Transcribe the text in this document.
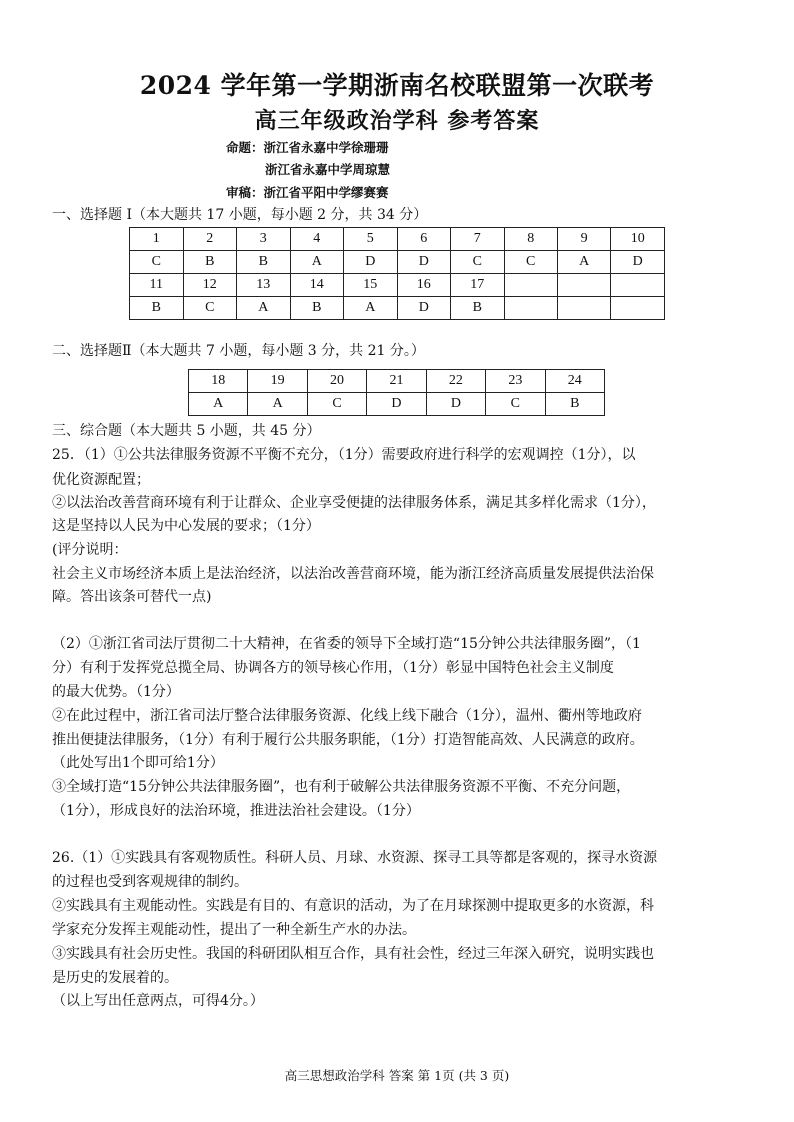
2024 学年第一学期浙南名校联盟第一次联考
高三年级政治学科 参考答案
命题：浙江省永嘉中学徐珊珊
浙江省永嘉中学周琼慧
审稿：浙江省平阳中学缪赛赛
一、选择题 I（本大题共 17 小题，每小题 2 分，共 34 分）
1	2	3	4	5	6	7	8	9	10
C	B	B	A	D	D	C	C	A	D
11	12	13	14	15	16	17			
B	C	A	B	A	D	B			
二、选择题Ⅱ（本大题共 7 小题，每小题 3 分，共 21 分。）
18	19	20	21	22	23	24
A	A	C	D	D	C	B
三、综合题（本大题共 5 小题，共 45 分）
25．（1）①公共法律服务资源不平衡不充分，（1分）需要政府进行科学的宏观调控（1分），以
优化资源配置；
②以法治改善营商环境有利于让群众、企业享受便捷的法律服务体系，满足其多样化需求（1分），
这是坚持以人民为中心发展的要求；（1分）
(评分说明：
社会主义市场经济本质上是法治经济，以法治改善营商环境，能为浙江经济高质量发展提供法治保
障。答出该条可替代一点)
（2）①浙江省司法厅贯彻二十大精神，在省委的领导下全域打造“15分钟公共法律服务圈”，（1
分）有利于发挥党总揽全局、协调各方的领导核心作用，（1分）彰显中国特色社会主义制度
的最大优势。（1分）
②在此过程中，浙江省司法厅整合法律服务资源、化线上线下融合（1分），温州、衢州等地政府
推出便捷法律服务，（1分）有利于履行公共服务职能，（1分）打造智能高效、人民满意的政府。
（此处写出1个即可给1分）
③全域打造“15分钟公共法律服务圈”，也有利于破解公共法律服务资源不平衡、不充分问题，
（1分），形成良好的法治环境，推进法治社会建设。（1分）
26.（1）①实践具有客观物质性。科研人员、月球、水资源、探寻工具等都是客观的，探寻水资源
的过程也受到客观规律的制约。
②实践具有主观能动性。实践是有目的、有意识的活动，为了在月球探测中提取更多的水资源，科
学家充分发挥主观能动性，提出了一种全新生产水的办法。
③实践具有社会历史性。我国的科研团队相互合作，具有社会性，经过三年深入研究，说明实践也
是历史的发展着的。
（以上写出任意两点，可得4分。）
高三思想政治学科 答案 第 1页 (共 3 页)
